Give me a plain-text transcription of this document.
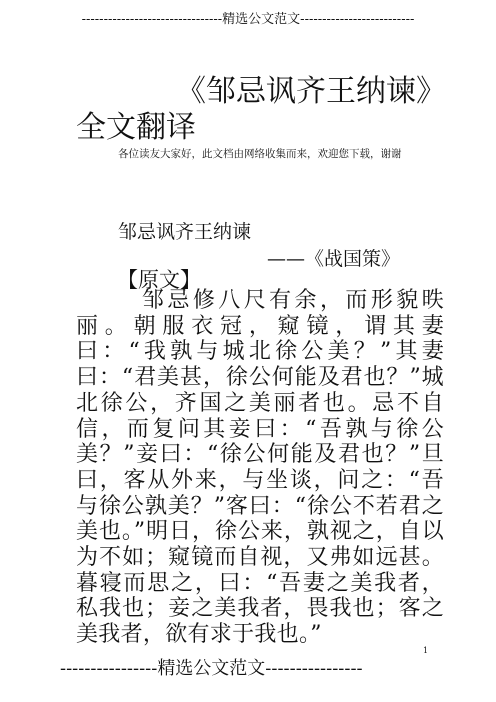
--------------------------------精选公文范文--------------------------
《邹忌讽齐王纳谏》
全文翻译
各位读友大家好，此文档由网络收集而来，欢迎您下载，谢谢
邹忌讽齐王纳谏
——《战国策》
【原文】
邹忌修八尺有余，而形貌昳丽。朝服衣冠，窥镜，谓其妻曰：“我孰与城北徐公美？”其妻曰：“君美甚，徐公何能及君也？”城北徐公，齐国之美丽者也。忌不自信，而复问其妾曰：“吾孰与徐公美？”妾曰：“徐公何能及君也？”旦曰，客从外来，与坐谈，问之：“吾与徐公孰美？”客曰：“徐公不若君之美也。”明日，徐公来，孰视之，自以为不如；窥镜而自视，又弗如远甚。暮寝而思之，曰：“吾妻之美我者，私我也；妾之美我者，畏我也；客之美我者，欲有求于我也。”
----------------精选公文范文----------------
1
